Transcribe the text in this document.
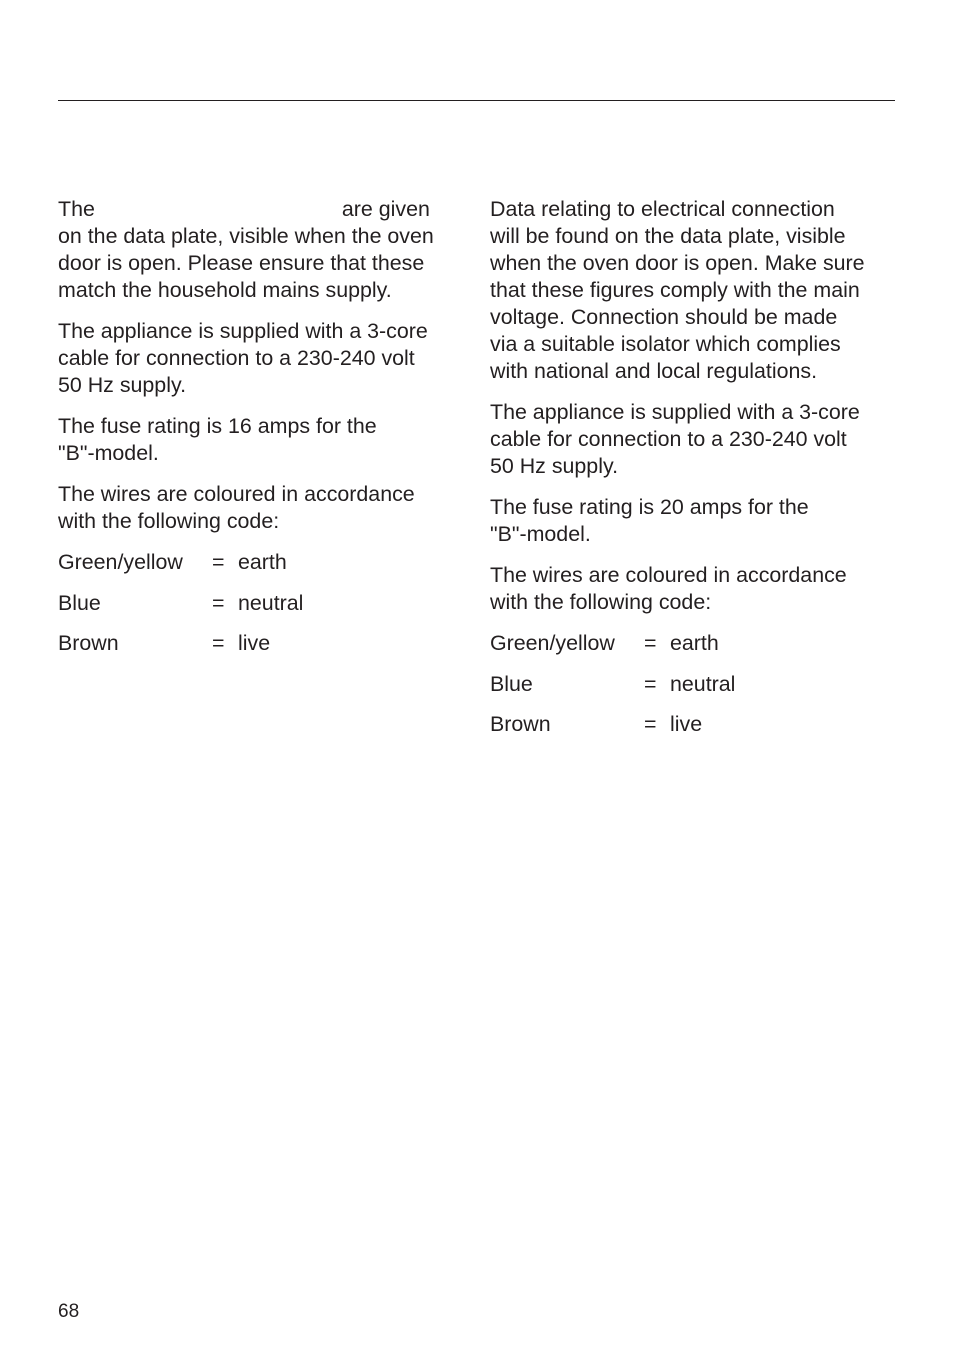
The	are given
on the data plate, visible when the oven
door is open. Please ensure that these
match the household mains supply.
The appliance is supplied with a 3-core
cable for connection to a 230-240 volt
50 Hz supply.
The fuse rating is 16 amps for the
"B"-model.
The wires are coloured in accordance
with the following code:
Green/yellow	= earth
Blue	= neutral
Brown	= live
Data relating to electrical connection
will be found on the data plate, visible
when the oven door is open. Make sure
that these figures comply with the main
voltage. Connection should be made
via a suitable isolator which complies
with national and local regulations.
The appliance is supplied with a 3-core
cable for connection to a 230-240 volt
50 Hz supply.
The fuse rating is 20 amps for the
"B"-model.
The wires are coloured in accordance
with the following code:
Green/yellow	= earth
Blue	= neutral
Brown	= live
68
